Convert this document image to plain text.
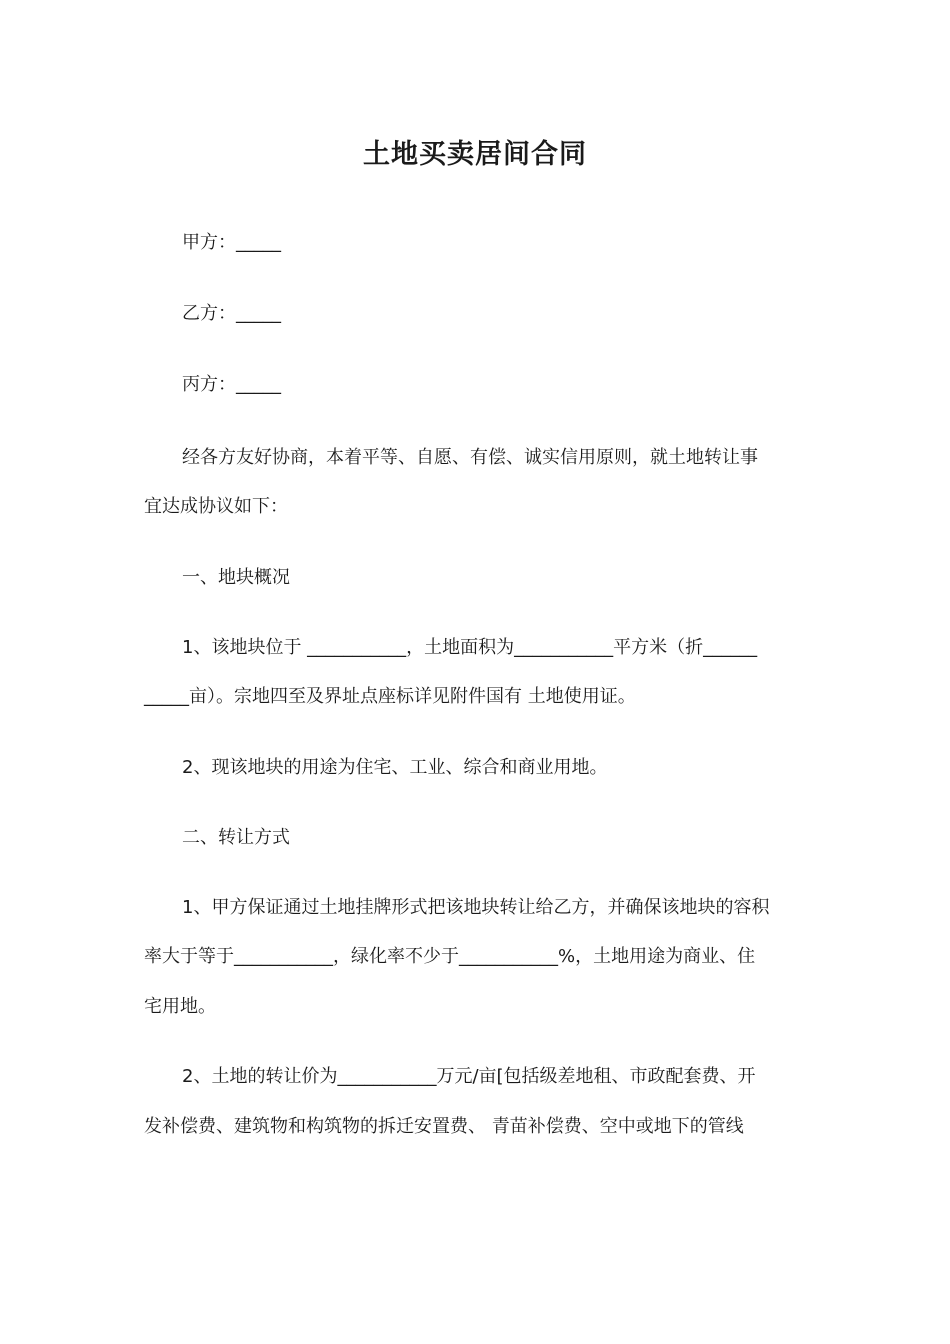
土地买卖居间合同
甲方：_____
乙方：_____
丙方：_____
经各方友好协商，本着平等、自愿、有偿、诚实信用原则，就土地转让事
宜达成协议如下：
一、地块概况
1、该地块位于 ___________，土地面积为___________平方米（折______
_____亩）。宗地四至及界址点座标详见附件国有 土地使用证。
2、现该地块的用途为住宅、工业、综合和商业用地。
二、转让方式
1、甲方保证通过土地挂牌形式把该地块转让给乙方，并确保该地块的容积
率大于等于___________，绿化率不少于___________%，土地用途为商业、住
宅用地。
2、土地的转让价为___________万元/亩[包括级差地租、市政配套费、开
发补偿费、建筑物和构筑物的拆迁安置费、 青苗补偿费、空中或地下的管线
